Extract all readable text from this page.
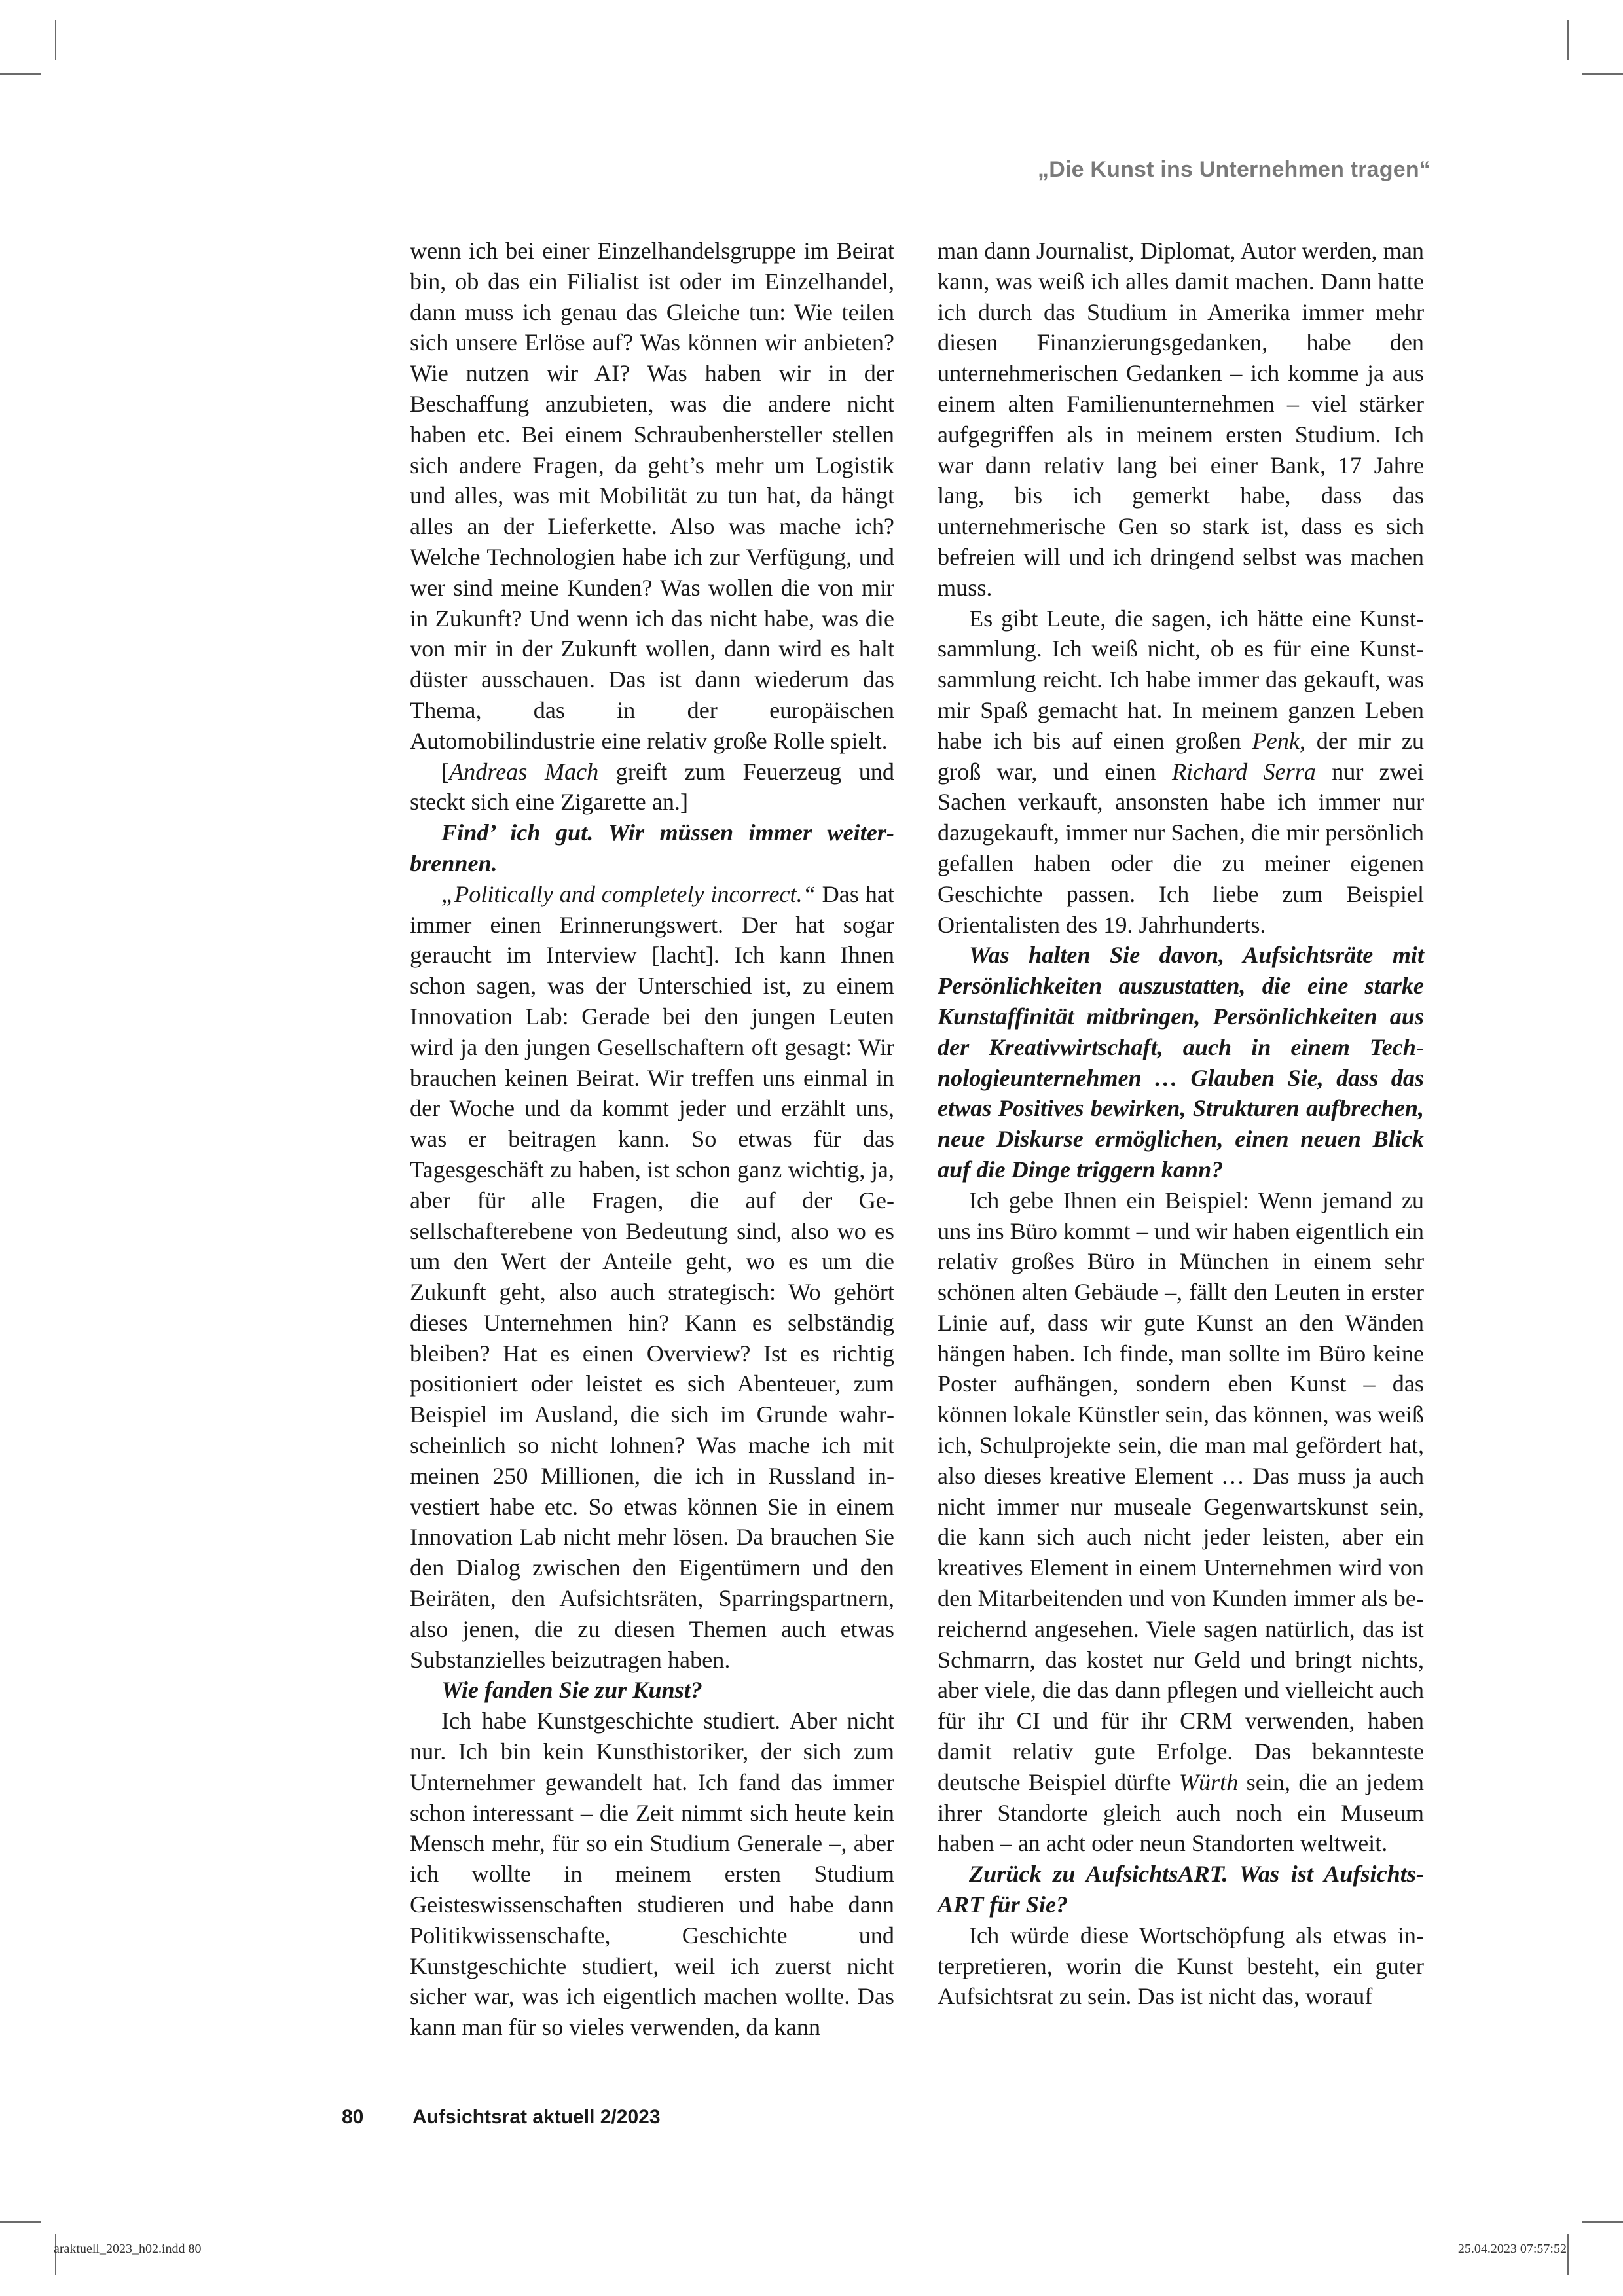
„Die Kunst ins Unternehmen tragen“

wenn ich bei einer Einzelhandelsgruppe im Beirat bin, ob das ein Filialist ist oder im Einzelhandel, dann muss ich genau das Gleiche tun: Wie teilen sich unsere Erlöse auf? Was können wir anbieten? Wie nutzen wir AI? Was haben wir in der Beschaffung anzubieten, was die andere nicht haben etc. Bei einem Schraubenhersteller stellen sich andere Fragen, da geht’s mehr um Logistik und alles, was mit Mobilität zu tun hat, da hängt alles an der Lieferkette. Also was mache ich? Welche Technologien habe ich zur Verfügung, und wer sind meine Kunden? Was wollen die von mir in Zukunft? Und wenn ich das nicht habe, was die von mir in der Zukunft wollen, dann wird es halt düster ausschauen. Das ist dann wiederum das Thema, das in der europäischen Automobilindustrie eine relativ große Rolle spielt.

[Andreas Mach greift zum Feuerzeug und steckt sich eine Zigarette an.]

Find’ ich gut. Wir müssen immer weiterbrennen.

„Politically and completely incorrect.“ Das hat immer einen Erinnerungswert. Der hat sogar geraucht im Interview [lacht]. Ich kann Ihnen schon sagen, was der Unterschied ist, zu einem Innovation Lab: Gerade bei den jungen Leuten wird ja den jungen Gesellschaftern oft gesagt: Wir brauchen keinen Beirat. Wir treffen uns einmal in der Woche und da kommt jeder und erzählt uns, was er beitragen kann. So etwas für das Tagesgeschäft zu haben, ist schon ganz wichtig, ja, aber für alle Fragen, die auf der Gesellschafterebene von Bedeutung sind, also wo es um den Wert der Anteile geht, wo es um die Zukunft geht, also auch strategisch: Wo gehört dieses Unternehmen hin? Kann es selbständig bleiben? Hat es einen Overview? Ist es richtig positioniert oder leistet es sich Abenteuer, zum Beispiel im Ausland, die sich im Grunde wahrscheinlich so nicht lohnen? Was mache ich mit meinen 250 Millionen, die ich in Russland investiert habe etc. So etwas können Sie in einem Innovation Lab nicht mehr lösen. Da brauchen Sie den Dialog zwischen den Eigentümern und den Beiräten, den Aufsichtsräten, Sparringspartnern, also jenen, die zu diesen Themen auch etwas Substanzielles beizutragen haben.

Wie fanden Sie zur Kunst?

Ich habe Kunstgeschichte studiert. Aber nicht nur. Ich bin kein Kunsthistoriker, der sich zum Unternehmer gewandelt hat. Ich fand das immer schon interessant – die Zeit nimmt sich heute kein Mensch mehr, für so ein Studium Generale –, aber ich wollte in meinem ersten Studium Geisteswissenschaften studieren und habe dann Politikwissenschafte, Geschichte und Kunstgeschichte studiert, weil ich zuerst nicht sicher war, was ich eigentlich machen wollte. Das kann man für so vieles verwenden, da kann

man dann Journalist, Diplomat, Autor werden, man kann, was weiß ich alles damit machen. Dann hatte ich durch das Studium in Amerika immer mehr diesen Finanzierungsgedanken, habe den unternehmerischen Gedanken – ich komme ja aus einem alten Familienunternehmen – viel stärker aufgegriffen als in meinem ersten Studium. Ich war dann relativ lang bei einer Bank, 17 Jahre lang, bis ich gemerkt habe, dass das unternehmerische Gen so stark ist, dass es sich befreien will und ich dringend selbst was machen muss.

Es gibt Leute, die sagen, ich hätte eine Kunstsammlung. Ich weiß nicht, ob es für eine Kunstsammlung reicht. Ich habe immer das gekauft, was mir Spaß gemacht hat. In meinem ganzen Leben habe ich bis auf einen großen Penk, der mir zu groß war, und einen Richard Serra nur zwei Sachen verkauft, ansonsten habe ich immer nur dazugekauft, immer nur Sachen, die mir persönlich gefallen haben oder die zu meiner eigenen Geschichte passen. Ich liebe zum Beispiel Orientalisten des 19. Jahrhunderts.

Was halten Sie davon, Aufsichtsräte mit Persönlichkeiten auszustatten, die eine starke Kunstaffinität mitbringen, Persönlichkeiten aus der Kreativwirtschaft, auch in einem Technologieunternehmen … Glauben Sie, dass das etwas Positives bewirken, Strukturen aufbrechen, neue Diskurse ermöglichen, einen neuen Blick auf die Dinge triggern kann?

Ich gebe Ihnen ein Beispiel: Wenn jemand zu uns ins Büro kommt – und wir haben eigentlich ein relativ großes Büro in München in einem sehr schönen alten Gebäude –, fällt den Leuten in erster Linie auf, dass wir gute Kunst an den Wänden hängen haben. Ich finde, man sollte im Büro keine Poster aufhängen, sondern eben Kunst – das können lokale Künstler sein, das können, was weiß ich, Schulprojekte sein, die man mal gefördert hat, also dieses kreative Element … Das muss ja auch nicht immer nur museale Gegenwartskunst sein, die kann sich auch nicht jeder leisten, aber ein kreatives Element in einem Unternehmen wird von den Mitarbeitenden und von Kunden immer als bereichernd angesehen. Viele sagen natürlich, das ist Schmarrn, das kostet nur Geld und bringt nichts, aber viele, die das dann pflegen und vielleicht auch für ihr CI und für ihr CRM verwenden, haben damit relativ gute Erfolge. Das bekannteste deutsche Beispiel dürfte Würth sein, die an jedem ihrer Standorte gleich auch noch ein Museum haben – an acht oder neun Standorten weltweit.

Zurück zu AufsichtsART. Was ist AufsichtsART für Sie?

Ich würde diese Wortschöpfung als etwas interpretieren, worin die Kunst besteht, ein guter Aufsichtsrat zu sein. Das ist nicht das, worauf

80 Aufsichtsrat aktuell 2/2023
araktuell_2023_h02.indd 80	25.04.2023 07:57:52
